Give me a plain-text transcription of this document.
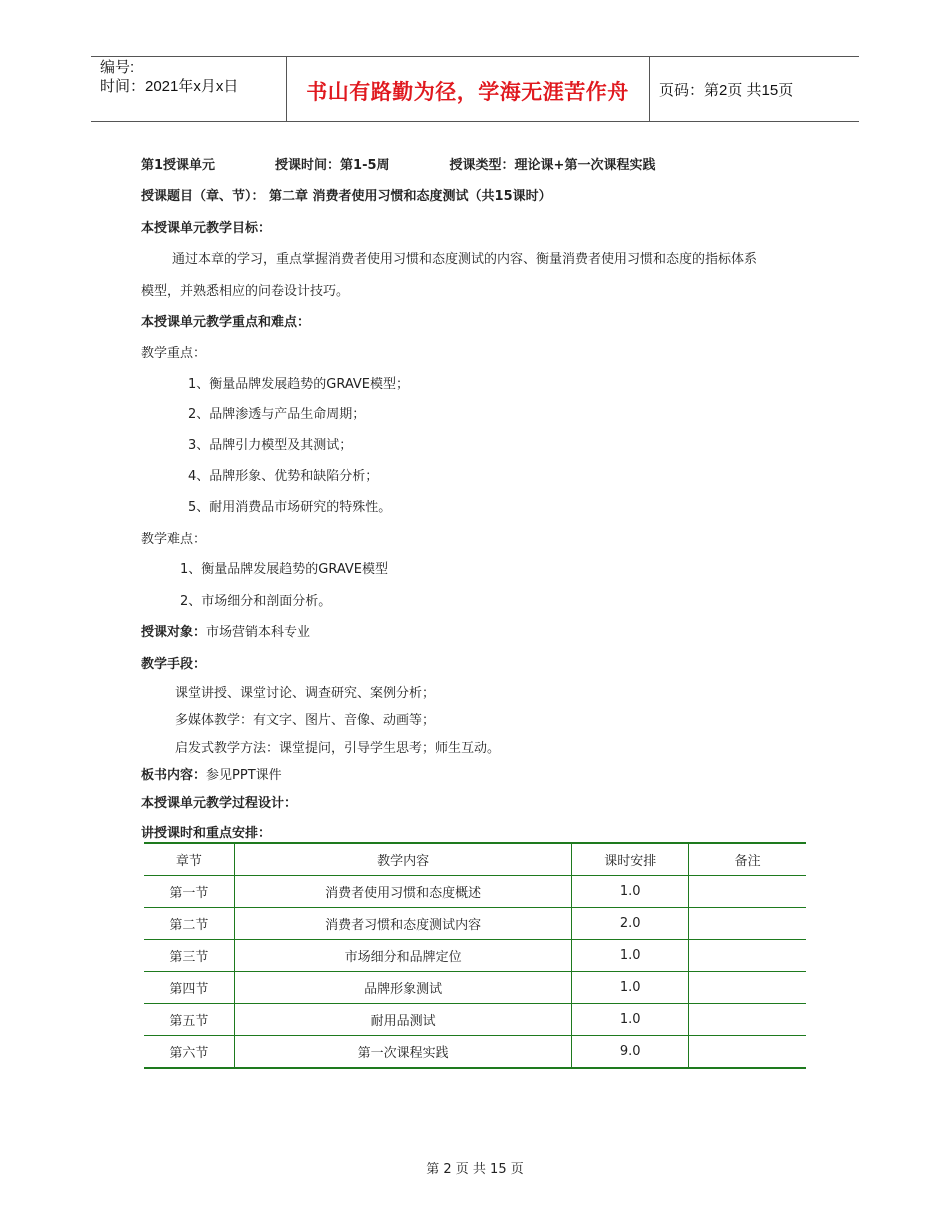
编号:
时间：2021年x月x日	书山有路勤为径，学海无涯苦作舟	页码：第2页 共15页
第1授课单元	授课时间：第1-5周	授课类型：理论课+第一次课程实践
授课题目（章、节）： 第二章 消费者使用习惯和态度测试（共15课时）
本授课单元教学目标：
通过本章的学习，重点掌握消费者使用习惯和态度测试的内容、衡量消费者使用习惯和态度的指标体系
模型，并熟悉相应的问卷设计技巧。
本授课单元教学重点和难点：
教学重点：
1、衡量品牌发展趋势的GRAVE模型；
2、品牌渗透与产品生命周期；
3、品牌引力模型及其测试；
4、品牌形象、优势和缺陷分析；
5、耐用消费品市场研究的特殊性。
教学难点：
1、衡量品牌发展趋势的GRAVE模型
2、市场细分和剖面分析。
授课对象：市场营销本科专业
教学手段：
课堂讲授、课堂讨论、调查研究、案例分析；
多媒体教学：有文字、图片、音像、动画等；
启发式教学方法：课堂提问，引导学生思考；师生互动。
板书内容：参见PPT课件
本授课单元教学过程设计：
讲授课时和重点安排：
章节	教学内容	课时安排	备注
第一节	消费者使用习惯和态度概述	1.0	
第二节	消费者习惯和态度测试内容	2.0	
第三节	市场细分和品牌定位	1.0	
第四节	品牌形象测试	1.0	
第五节	耐用品测试	1.0	
第六节	第一次课程实践	9.0	
第 2 页 共 15 页
